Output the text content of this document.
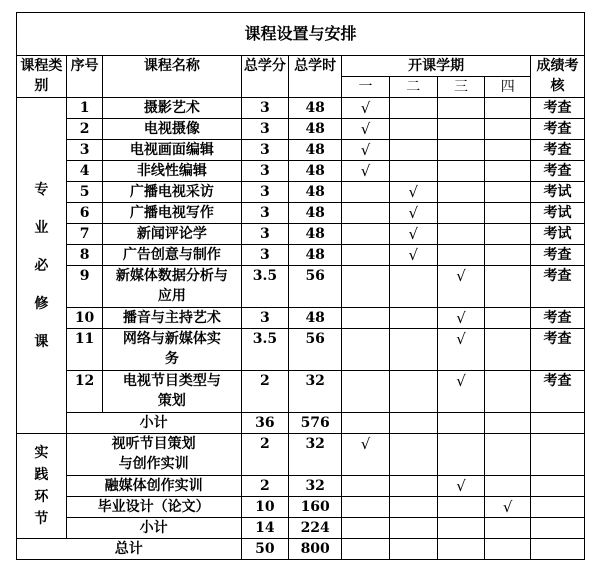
课程设置与安排									
课程类别	序号	课程名称	总学分	总学时	开课学期				成绩考核
					一	二	三	四	
专
业
必
修
课	1	摄影艺术	3	48	√				考查
	2	电视摄像	3	48	√				考查
	3	电视画面编辑	3	48	√				考查
	4	非线性编辑	3	48	√				考查
	5	广播电视采访	3	48		√			考试
	6	广播电视写作	3	48		√			考试
	7	新闻评论学	3	48		√			考试
	8	广告创意与制作	3	48		√			考查
	9	新媒体数据分析与应用	3.5	56			√		考查
	10	播音与主持艺术	3	48			√		考查
	11	网络与新媒体实务	3.5	56			√		考查
	12	电视节目类型与策划	2	32			√		考查
	小计		36	576					
实
践
环
节	视听节目策划与创作实训		2	32	√				
	融媒体创作实训		2	32			√		
	毕业设计（论文）		10	160				√	
	小计		14	224					
总计			50	800					
